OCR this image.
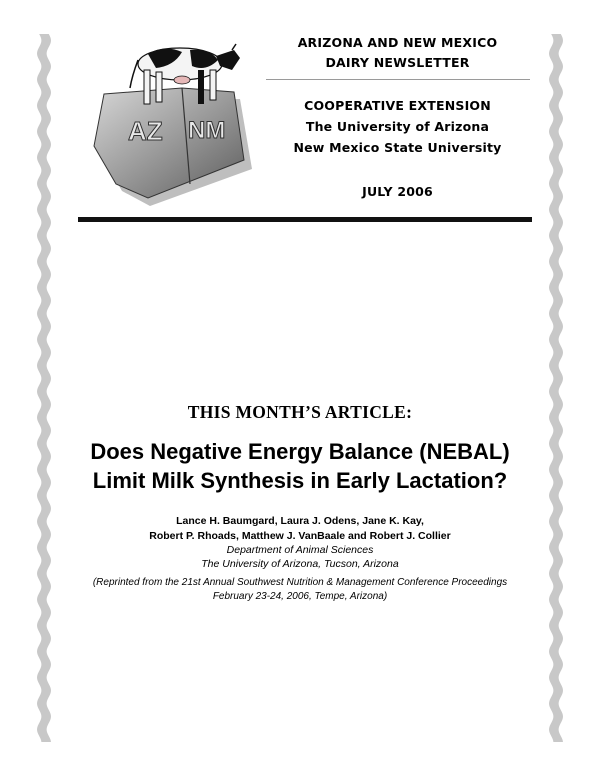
AZ NM
ARIZONA AND NEW MEXICO
DAIRY NEWSLETTER
COOPERATIVE EXTENSION
The University of Arizona
New Mexico State University
JULY 2006
THIS MONTH’S ARTICLE:
Does Negative Energy Balance (NEBAL)
Limit Milk Synthesis in Early Lactation?
Lance H. Baumgard, Laura J. Odens, Jane K. Kay,
Robert P. Rhoads, Matthew J. VanBaale and Robert J. Collier
Department of Animal Sciences
The University of Arizona, Tucson, Arizona
(Reprinted from the 21st Annual Southwest Nutrition & Management Conference Proceedings
February 23-24, 2006, Tempe, Arizona)
